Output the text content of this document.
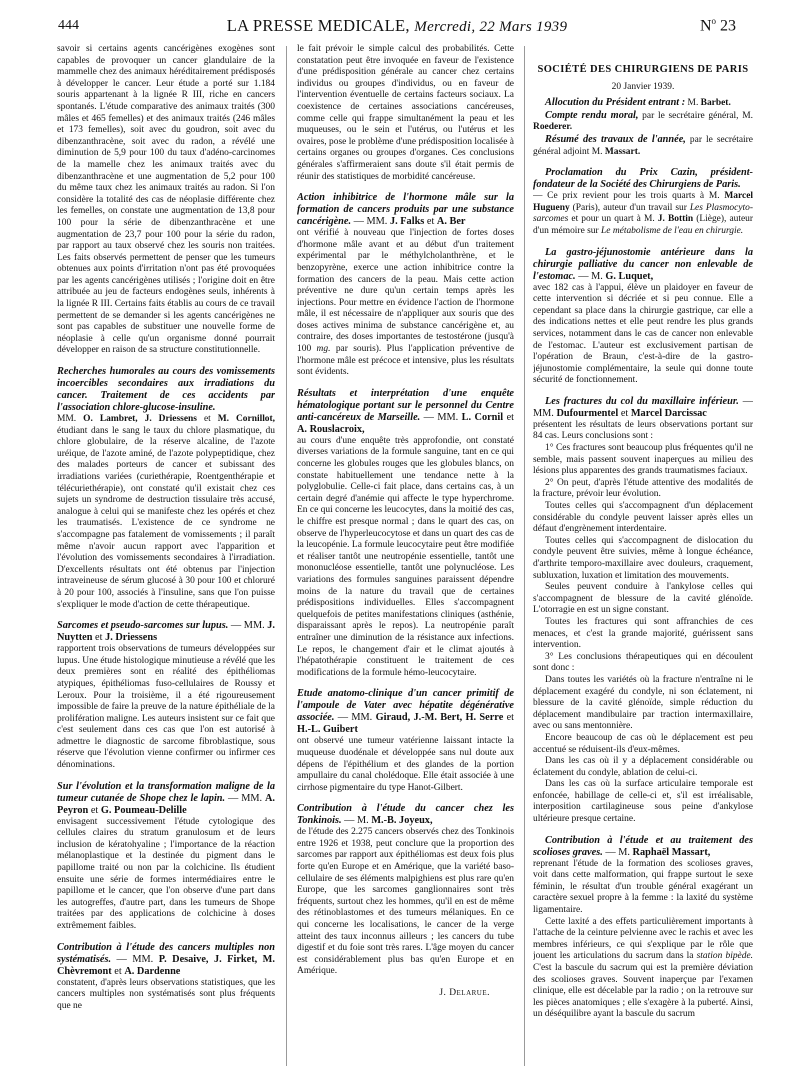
444	LA PRESSE MEDICALE, Mercredi, 22 Mars 1939	$N^o$ 23

savoir si certains agents cancérigènes exogènes sont capables de provoquer un cancer glandulaire de la mammelle chez des animaux héréditairement prédisposés à développer le cancer. Leur étude a porté sur 1.184 souris appartenant à la lignée R III, riche en cancers spontanés. L'étude comparative des animaux traités (300 mâles et 465 femelles) et des animaux traités (246 mâles et 173 femelles), soit avec du goudron, soit avec du dibenzanthracène, soit avec du radon, a révélé une diminution de 5,9 pour 100 du taux d'adéno-carcinomes de la mamelle chez les animaux traités avec du dibenzanthracène et une augmentation de 5,2 pour 100 du même taux chez les animaux traités au radon. Si l'on considère la totalité des cas de néoplasie différente chez les femelles, on constate une augmentation de 13,8 pour 100 pour la série de dibenzanthracène et une augmentation de 23,7 pour 100 pour la série du radon, par rapport au taux observé chez les souris non traitées. Les faits observés permettent de penser que les tumeurs obtenues aux points d'irritation n'ont pas été provoquées par les agents cancérigènes utilisés ; l'origine doit en être attribuée au jeu de facteurs endogènes seuls, inhérents à la lignée R III. Certains faits établis au cours de ce travail permettent de se demander si les agents cancérigènes ne sont pas capables de substituer une nouvelle forme de néoplasie à celle qu'un organisme donné pourrait développer en raison de sa structure constitutionnelle.

Recherches humorales au cours des vomissements incoercibles secondaires aux irradiations du cancer. Traitement de ces accidents par l'association chlore-glucose-insuline.

MM. O. Lambret, J. Driessens et M. Cornillot, étudiant dans le sang le taux du chlore plasmatique, du chlore globulaire, de la réserve alcaline, de l'azote uréique, de l'azote aminé, de l'azote polypeptidique, chez des malades porteurs de cancer et subissant des irradiations variées (curiethérapie, Roentgenthérapie et télécuriethérapie), ont constaté qu'il existait chez ces sujets un syndrome de destruction tissulaire très accusé, analogue à celui qui se manifeste chez les opérés et chez les traumatisés. L'existence de ce syndrome ne s'accompagne pas fatalement de vomissements ; il paraît même n'avoir aucun rapport avec l'apparition et l'évolution des vomissements secondaires à l'irradiation. D'excellents résultats ont été obtenus par l'injection intraveineuse de sérum glucosé à 30 pour 100 et chloruré à 20 pour 100, associés à l'insuline, sans que l'on puisse s'expliquer le mode d'action de cette thérapeutique.

Sarcomes et pseudo-sarcomes sur lupus. — MM. J. Nuytten et J. Driessens

rapportent trois observations de tumeurs développées sur lupus. Une étude histologique minutieuse a révélé que les deux premières sont en réalité des épithéliomas atypiques, épithéliomas fuso-cellulaires de Roussy et Leroux. Pour la troisième, il a été rigoureusement impossible de faire la preuve de la nature épithéliale de la prolifération maligne. Les auteurs insistent sur ce fait que c'est seulement dans ces cas que l'on est autorisé à admettre le diagnostic de sarcome fibroblastique, sous réserve que l'évolution vienne confirmer ou infirmer ces dénominations.

Sur l'évolution et la transformation maligne de la tumeur cutanée de Shope chez le lapin. — MM. A. Peyron et G. Poumeau-Delille

envisagent successivement l'étude cytologique des cellules claires du stratum granulosum et de leurs inclusion de kératohyaline ; l'importance de la réaction mélanoplastique et la destinée du pigment dans le papillome traité ou non par la colchicine. Ils étudient ensuite une série de formes intermédiaires entre le papillome et le cancer, que l'on observe d'une part dans les autogreffes, d'autre part, dans les tumeurs de Shope traitées par des applications de colchicine à doses extrêmement faibles.

Contribution à l'étude des cancers multiples non systématisés. — MM. P. Desaive, J. Firket, M. Chèvremont et A. Dardenne

constatent, d'après leurs observations statistiques, que les cancers multiples non systématisés sont plus fréquents que ne

le fait prévoir le simple calcul des probabilités. Cette constatation peut être invoquée en faveur de l'existence d'une prédisposition générale au cancer chez certains individus ou groupes d'individus, ou en faveur de l'intervention éventuelle de certains facteurs sociaux. La coexistence de certaines associations cancéreuses, comme celle qui frappe simultanément la peau et les muqueuses, ou le sein et l'utérus, ou l'utérus et les ovaires, pose le problème d'une prédisposition localisée à certains organes ou groupes d'organes. Ces conclusions générales s'affirmeraient sans doute s'il était permis de réunir des statistiques de morbidité cancéreuse.

Action inhibitrice de l'hormone mâle sur la formation de cancers produits par une substance cancérigène. — MM. J. Falks et A. Ber

ont vérifié à nouveau que l'injection de fortes doses d'hormone mâle avant et au début d'un traitement expérimental par le méthylcholanthrène, et le benzopyrène, exerce une action inhibitrice contre la formation des cancers de la peau. Mais cette action préventive ne dure qu'un certain temps après les injections. Pour mettre en évidence l'action de l'hormone mâle, il est nécessaire de n'appliquer aux souris que des doses actives minima de substance cancérigène et, au contraire, des doses importantes de testostérone (jusqu'à 100 mg. par souris). Plus l'application préventive de l'hormone mâle est précoce et intensive, plus les résultats sont évidents.

Résultats et interprétation d'une enquête hématologique portant sur le personnel du Centre anti-cancéreux de Marseille. — MM. L. Cornil et A. Rouslacroix,

au cours d'une enquête très approfondie, ont constaté diverses variations de la formule sanguine, tant en ce qui concerne les globules rouges que les globules blancs, on constate habituellement une tendance nette à la polyglobulie. Celle-ci fait place, dans certains cas, à un certain degré d'anémie qui affecte le type hyperchrome. En ce qui concerne les leucocytes, dans la moitié des cas, le chiffre est presque normal ; dans le quart des cas, on observe de l'hyperleucocytose et dans un quart des cas de la leucopénie. La formule leucocytaire peut être modifiée et réaliser tantôt une neutropénie essentielle, tantôt une mononucléose essentielle, tantôt une polynucléose. Les variations des formules sanguines paraissent dépendre moins de la nature du travail que de certaines prédispositions individuelles. Elles s'accompagnent quelquefois de petites manifestations cliniques (asthénie, disparaissant après le repos). La neutropénie paraît entraîner une diminution de la résistance aux infections. Le repos, le changement d'air et le climat ajoutés à l'hépatothérapie constituent le traitement de ces modifications de la formule hémo-leucocytaire.

Etude anatomo-clinique d'un cancer primitif de l'ampoule de Vater avec hépatite dégénérative associée. — MM. Giraud, J.-M. Bert, H. Serre et H.-L. Guibert

ont observé une tumeur vatérienne laissant intacte la muqueuse duodénale et développée sans nul doute aux dépens de l'épithélium et des glandes de la portion ampullaire du canal cholédoque. Elle était associée à une cirrhose pigmentaire du type Hanot-Gilbert.

Contribution à l'étude du cancer chez les Tonkinois. — M. M.-B. Joyeux,

de l'étude des 2.275 cancers observés chez des Tonkinois entre 1926 et 1938, peut conclure que la proportion des sarcomes par rapport aux épithéliomas est deux fois plus forte qu'en Europe et en Amérique, que la variété baso-cellulaire de ses éléments malpighiens est plus rare qu'en Europe, que les sarcomes ganglionnaires sont très fréquents, surtout chez les hommes, qu'il en est de même des rétinoblastomes et des tumeurs mélaniques. En ce qui concerne les localisations, le cancer de la verge atteint des taux inconnus ailleurs ; les cancers du tube digestif et du foie sont très rares. L'âge moyen du cancer est considérablement plus bas qu'en Europe et en Amérique.

J. Delarue.

SOCIÉTÉ DES CHIRURGIENS DE PARIS

20 Janvier 1939.

Allocution du Président entrant : M. Barbet.

Compte rendu moral, par le secrétaire général, M. Roederer.

Résumé des travaux de l'année, par le secrétaire général adjoint M. Massart.

Proclamation du Prix Cazin, président-fondateur de la Société des Chirurgiens de Paris.

— Ce prix revient pour les trois quarts à M. Marcel Hugueny (Paris), auteur d'un travail sur Les Plasmocyto-sarcomes et pour un quart à M. J. Bottin (Liège), auteur d'un mémoire sur Le métabolisme de l'eau en chirurgie.

La gastro-jéjunostomie antérieure dans la chirurgie palliative du cancer non enlevable de l'estomac. — M. G. Luquet,

avec 182 cas à l'appui, élève un plaidoyer en faveur de cette intervention si décriée et si peu connue. Elle a cependant sa place dans la chirurgie gastrique, car elle a des indications nettes et elle peut rendre les plus grands services, notamment dans le cas de cancer non enlevable de l'estomac. L'auteur est exclusivement partisan de l'opération de Braun, c'est-à-dire de la gastro-jéjunostomie complémentaire, la seule qui donne toute sécurité de fonctionnement.

Les fractures du col du maxillaire inférieur. — MM. Dufourmentel et Marcel Darcissac

présentent les résultats de leurs observations portant sur 84 cas. Leurs conclusions sont :

1° Ces fractures sont beaucoup plus fréquentes qu'il ne semble, mais passent souvent inaperçues au milieu des lésions plus apparentes des grands traumatismes faciaux.

2° On peut, d'après l'étude attentive des modalités de la fracture, prévoir leur évolution.

Toutes celles qui s'accompagnent d'un déplacement considérable du condyle peuvent laisser après elles un défaut d'engrènement interdentaire.

Toutes celles qui s'accompagnent de dislocation du condyle peuvent être suivies, même à longue échéance, d'arthrite temporo-maxillaire avec douleurs, craquement, subluxation, luxation et limitation des mouvements.

Seules peuvent conduire à l'ankylose celles qui s'accompagnent de blessure de la cavité glénoïde. L'otorragie en est un signe constant.

Toutes les fractures qui sont affranchies de ces menaces, et c'est la grande majorité, guérissent sans intervention.

3° Les conclusions thérapeutiques qui en découlent sont donc :

Dans toutes les variétés où la fracture n'entraîne ni le déplacement exagéré du condyle, ni son éclatement, ni blessure de la cavité glénoïde, simple réduction du déplacement mandibulaire par traction intermaxillaire, avec ou sans mentonnière.

Encore beaucoup de cas où le déplacement est peu accentué se réduisent-ils d'eux-mêmes.

Dans les cas où il y a déplacement considérable ou éclatement du condyle, ablation de celui-ci.

Dans les cas où la surface articulaire temporale est enfoncée, habillage de celle-ci et, s'il est irréalisable, interposition cartilagineuse sous peine d'ankylose ultérieure presque certaine.

Contribution à l'étude et au traitement des scolioses graves. — M. Raphaël Massart,

reprenant l'étude de la formation des scolioses graves, voit dans cette malformation, qui frappe surtout le sexe féminin, le résultat d'un trouble général exagérant un caractère sexuel propre à la femme : la laxité du système ligamentaire.

Cette laxité a des effets particulièrement importants à l'attache de la ceinture pelvienne avec le rachis et avec les membres inférieurs, ce qui s'explique par le rôle que jouent les articulations du sacrum dans la station bipède. C'est la bascule du sacrum qui est la première déviation des scolioses graves. Souvent inaperçue par l'examen clinique, elle est décelable par la radio ; on la retrouve sur les pièces anatomiques ; elle s'exagère à la puberté. Ainsi, un déséquilibre ayant la bascule du sacrum
